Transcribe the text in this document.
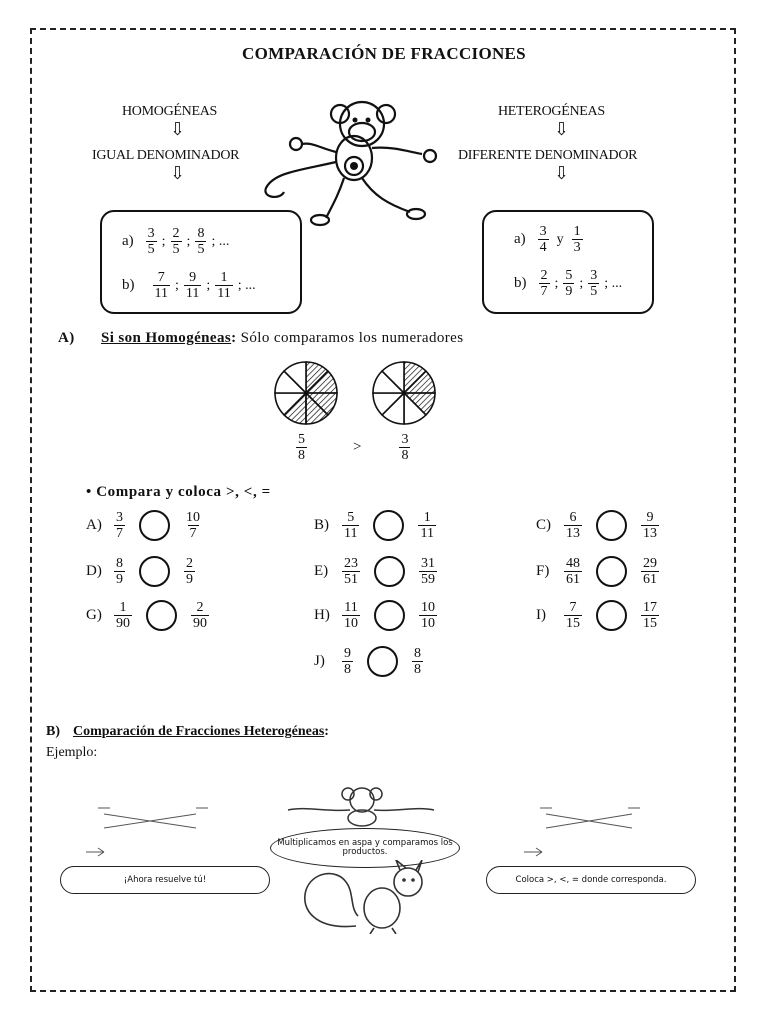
COMPARACIÓN DE FRACCIONES
HOMOGÉNEAS
⇩
IGUAL DENOMINADOR
⇩
HETEROGÉNEAS
⇩
DIFERENTE DENOMINADOR
⇩
$a) \frac{3}{5}$ ; $\frac{2}{5}$ ; $\frac{8}{5}$ ; ...
$b) \frac{7}{11}$ ; $\frac{9}{11}$ ; $\frac{1}{11}$ ; ...
$a) \frac{3}{4}$ y $\frac{1}{3}$
$b) \frac{2}{7}$ ; $\frac{5}{9}$ ; $\frac{3}{5}$ ; ...
A) Si son Homogéneas: Sólo comparamos los numeradores
$\frac{5}{8}$	>	$\frac{3}{8}$
• Compara y coloca >, <, =
$A) \frac{3}{7}$	$\frac{10}{7}$	$B) \frac{5}{11}$	$\frac{1}{11}$	$C) \frac{6}{13}$	$\frac{9}{13}$
$D) \frac{8}{9}$	$\frac{2}{9}$	$E) \frac{23}{51}$	$\frac{31}{59}$	F)	$\frac{48}{61}$	$\frac{29}{61}$
$G) \frac{1}{90}$	$\frac{2}{90}$	$H) \frac{11}{10}$	$\frac{10}{10}$	I)	$\frac{7}{15}$	$\frac{17}{15}$
J)	$\frac{9}{8}$	$\frac{8}{8}$
B) Comparación de Fracciones Heterogéneas:
Ejemplo:
Multiplicamos en aspa y comparamos los productos.
¡Ahora resuelve tú!	Coloca >, <, = donde corresponda.
